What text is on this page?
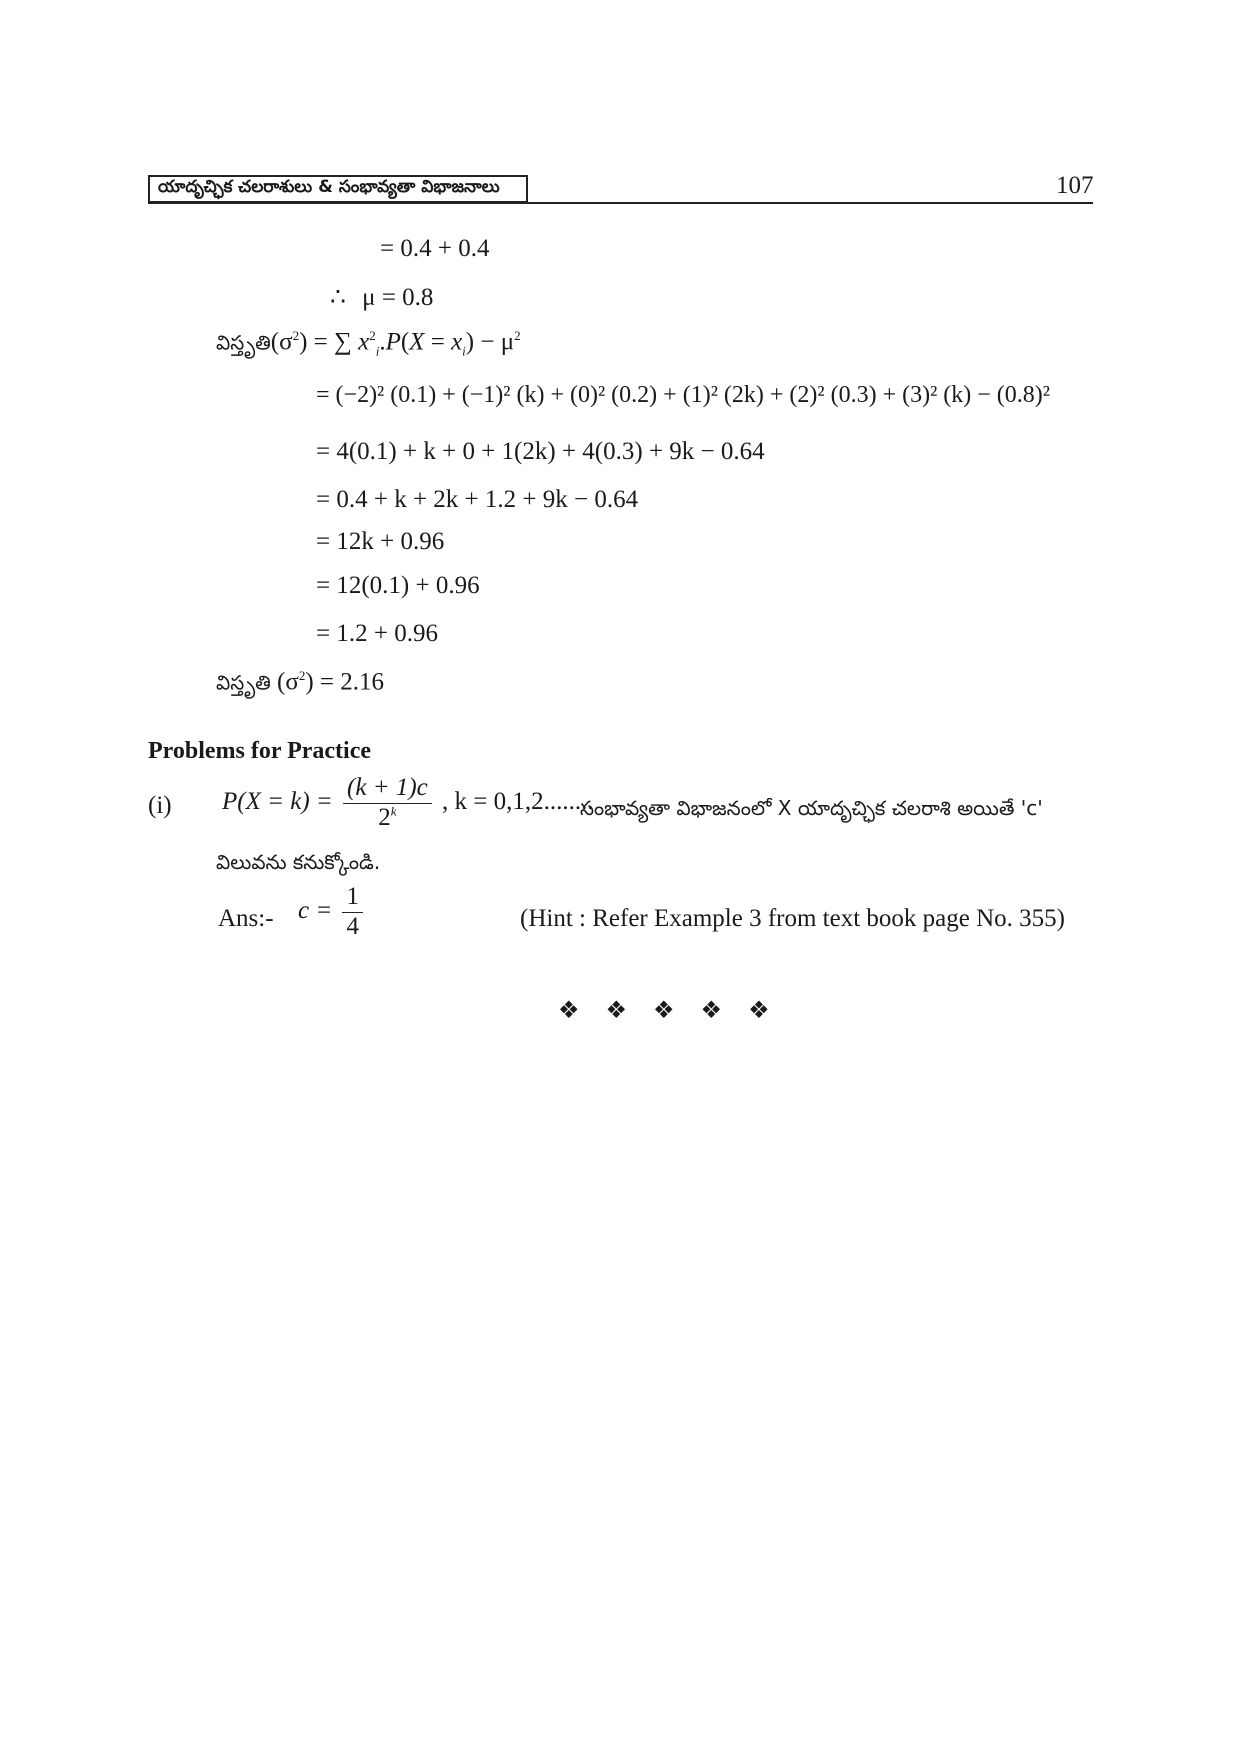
యాదృచ్ఛిక చలరాశులు & సంభావ్యతా విభాజనాలు	107
= 0.4 + 0.4
∴ μ = 0.8
$విస్తృతి(\sigma^2)$ = ∑ $x^2_i.P(X = x_i) - \mu^2$
= (−2)² (0.1) + (−1)² (k) + (0)² (0.2) + (1)² (2k) + (2)² (0.3) + (3)² (k) − (0.8)²
= 4(0.1) + k + 0 + 1(2k) + 4(0.3) + 9k − 0.64
= 0.4 + k + 2k + 1.2 + 9k − 0.64
= 12k + 0.96
= 12(0.1) + 0.96
= 1.2 + 0.96
విస్తృతి $(\sigma^2) = 2.16$
Problems for Practice
(i) $P(X = k) = \frac{(k + 1)c}{2^k}$ , k = 0,1,2........
సంభావ్యతా విభాజనంలో X యాదృచ్ఛిక చలరాశి అయితే 'c'
విలువను కనుక్కోండి.
Ans:- $c = \frac{1}{4}$	(Hint : Refer Example 3 from text book page No. 355)
❖ ❖ ❖ ❖ ❖
